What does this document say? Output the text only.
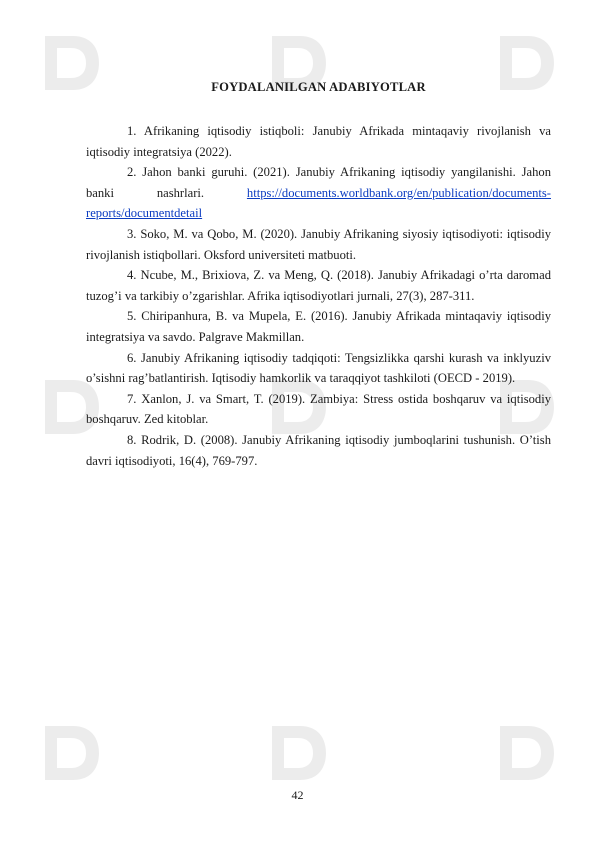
FOYDALANILGAN ADABIYOTLAR

1. Afrikaning iqtisodiy istiqboli: Janubiy Afrikada mintaqaviy rivojlanish va iqtisodiy integratsiya (2022).

2. Jahon banki guruhi. (2021). Janubiy Afrikaning iqtisodiy yangilanishi. Jahon banki nashrlari. https://documents.worldbank.org/en/publication/documents-reports/documentdetail

3. Soko, M. va Qobo, M. (2020). Janubiy Afrikaning siyosiy iqtisodiyoti: iqtisodiy rivojlanish istiqbollari. Oksford universiteti matbuoti.

4. Ncube, M., Brixiova, Z. va Meng, Q. (2018). Janubiy Afrikadagi o’rta daromad tuzog’i va tarkibiy o’zgarishlar. Afrika iqtisodiyotlari jurnali, 27(3), 287-311.

5. Chiripanhura, B. va Mupela, E. (2016). Janubiy Afrikada mintaqaviy iqtisodiy integratsiya va savdo. Palgrave Makmillan.

6. Janubiy Afrikaning iqtisodiy tadqiqoti: Tengsizlikka qarshi kurash va inklyuziv o’sishni rag’batlantirish. Iqtisodiy hamkorlik va taraqqiyot tashkiloti (OECD - 2019).

7. Xanlon, J. va Smart, T. (2019). Zambiya: Stress ostida boshqaruv va iqtisodiy boshqaruv. Zed kitoblar.

8. Rodrik, D. (2008). Janubiy Afrikaning iqtisodiy jumboqlarini tushunish. O’tish davri iqtisodiyoti, 16(4), 769-797.

42
